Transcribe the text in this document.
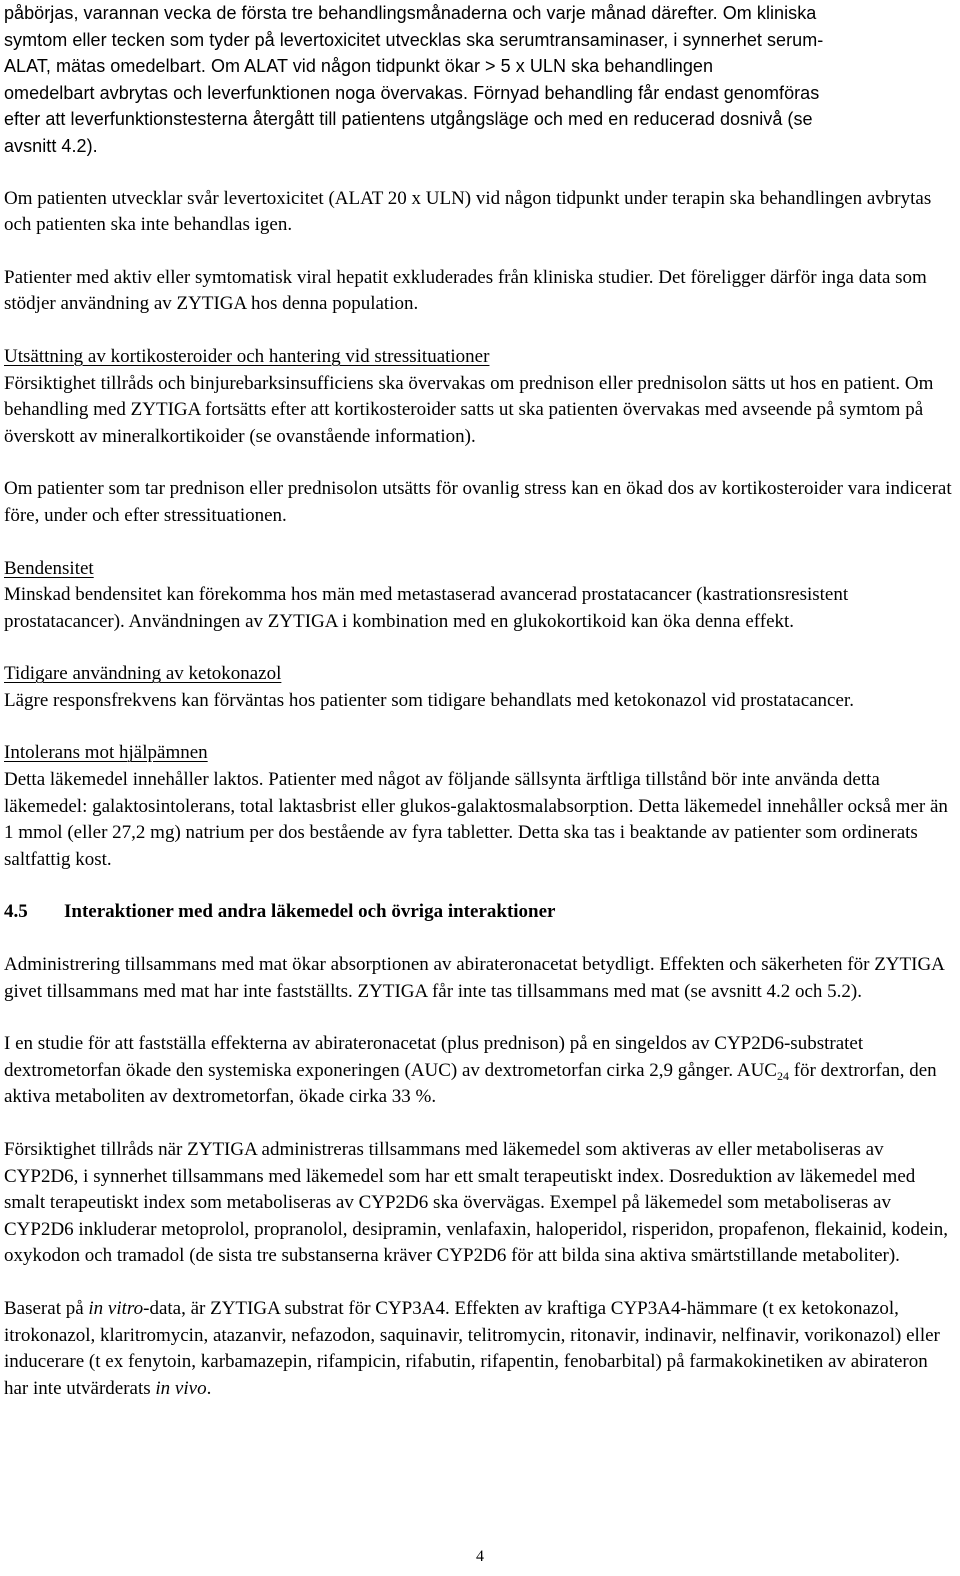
påbörjas, varannan vecka de första tre behandlingsmånaderna och varje månad därefter. Om kliniska

symtom eller tecken som tyder på levertoxicitet utvecklas ska serumtransaminaser, i synnerhet serum-

ALAT, mätas omedelbart. Om ALAT vid någon tidpunkt ökar > 5 x ULN ska behandlingen

omedelbart avbrytas och leverfunktionen noga övervakas. Förnyad behandling får endast genomföras

efter att leverfunktionstesterna återgått till patientens utgångsläge och med en reducerad dosnivå (se

avsnitt 4.2).

Om patienten utvecklar svår levertoxicitet (ALAT 20 x ULN) vid någon tidpunkt under terapin ska behandlingen avbrytas och patienten ska inte behandlas igen.

Patienter med aktiv eller symtomatisk viral hepatit exkluderades från kliniska studier. Det föreligger därför inga data som stödjer användning av ZYTIGA hos denna population.

Utsättning av kortikosteroider och hantering vid stressituationer

Försiktighet tillråds och binjurebarksinsufficiens ska övervakas om prednison eller prednisolon sätts ut hos en patient. Om behandling med ZYTIGA fortsätts efter att kortikosteroider satts ut ska patienten övervakas med avseende på symtom på överskott av mineralkortikoider (se ovanstående information).

Om patienter som tar prednison eller prednisolon utsätts för ovanlig stress kan en ökad dos av kortikosteroider vara indicerat före, under och efter stressituationen.

Bendensitet

Minskad bendensitet kan förekomma hos män med metastaserad avancerad prostatacancer (kastrationsresistent prostatacancer). Användningen av ZYTIGA i kombination med en glukokortikoid kan öka denna effekt.

Tidigare användning av ketokonazol

Lägre responsfrekvens kan förväntas hos patienter som tidigare behandlats med ketokonazol vid prostatacancer.

Intolerans mot hjälpämnen

Detta läkemedel innehåller laktos. Patienter med något av följande sällsynta ärftliga tillstånd bör inte använda detta läkemedel: galaktosintolerans, total laktasbrist eller glukos-galaktosmalabsorption. Detta läkemedel innehåller också mer än 1 mmol (eller 27,2 mg) natrium per dos bestående av fyra tabletter. Detta ska tas i beaktande av patienter som ordinerats saltfattig kost.

4.5	Interaktioner med andra läkemedel och övriga interaktioner

Administrering tillsammans med mat ökar absorptionen av abirateronacetat betydligt. Effekten och säkerheten för ZYTIGA givet tillsammans med mat har inte fastställts. ZYTIGA får inte tas tillsammans med mat (se avsnitt 4.2 och 5.2).

I en studie för att fastställa effekterna av abirateronacetat (plus prednison) på en singeldos av CYP2D6-substratet dextrometorfan ökade den systemiska exponeringen (AUC) av dextrometorfan cirka 2,9 gånger. $AUC_{24}$ för dextrorfan, den aktiva metaboliten av dextrometorfan, ökade cirka 33 %.

Försiktighet tillråds när ZYTIGA administreras tillsammans med läkemedel som aktiveras av eller metaboliseras av CYP2D6, i synnerhet tillsammans med läkemedel som har ett smalt terapeutiskt index. Dosreduktion av läkemedel med smalt terapeutiskt index som metaboliseras av CYP2D6 ska övervägas. Exempel på läkemedel som metaboliseras av CYP2D6 inkluderar metoprolol, propranolol, desipramin, venlafaxin, haloperidol, risperidon, propafenon, flekainid, kodein, oxykodon och tramadol (de sista tre substanserna kräver CYP2D6 för att bilda sina aktiva smärtstillande metaboliter).

Baserat på in vitro-data, är ZYTIGA substrat för CYP3A4. Effekten av kraftiga CYP3A4-hämmare (t ex ketokonazol, itrokonazol, klaritromycin, atazanvir, nefazodon, saquinavir, telitromycin, ritonavir, indinavir, nelfinavir, vorikonazol) eller inducerare (t ex fenytoin, karbamazepin, rifampicin, rifabutin, rifapentin, fenobarbital) på farmakokinetiken av abirateron har inte utvärderats in vivo.

4
